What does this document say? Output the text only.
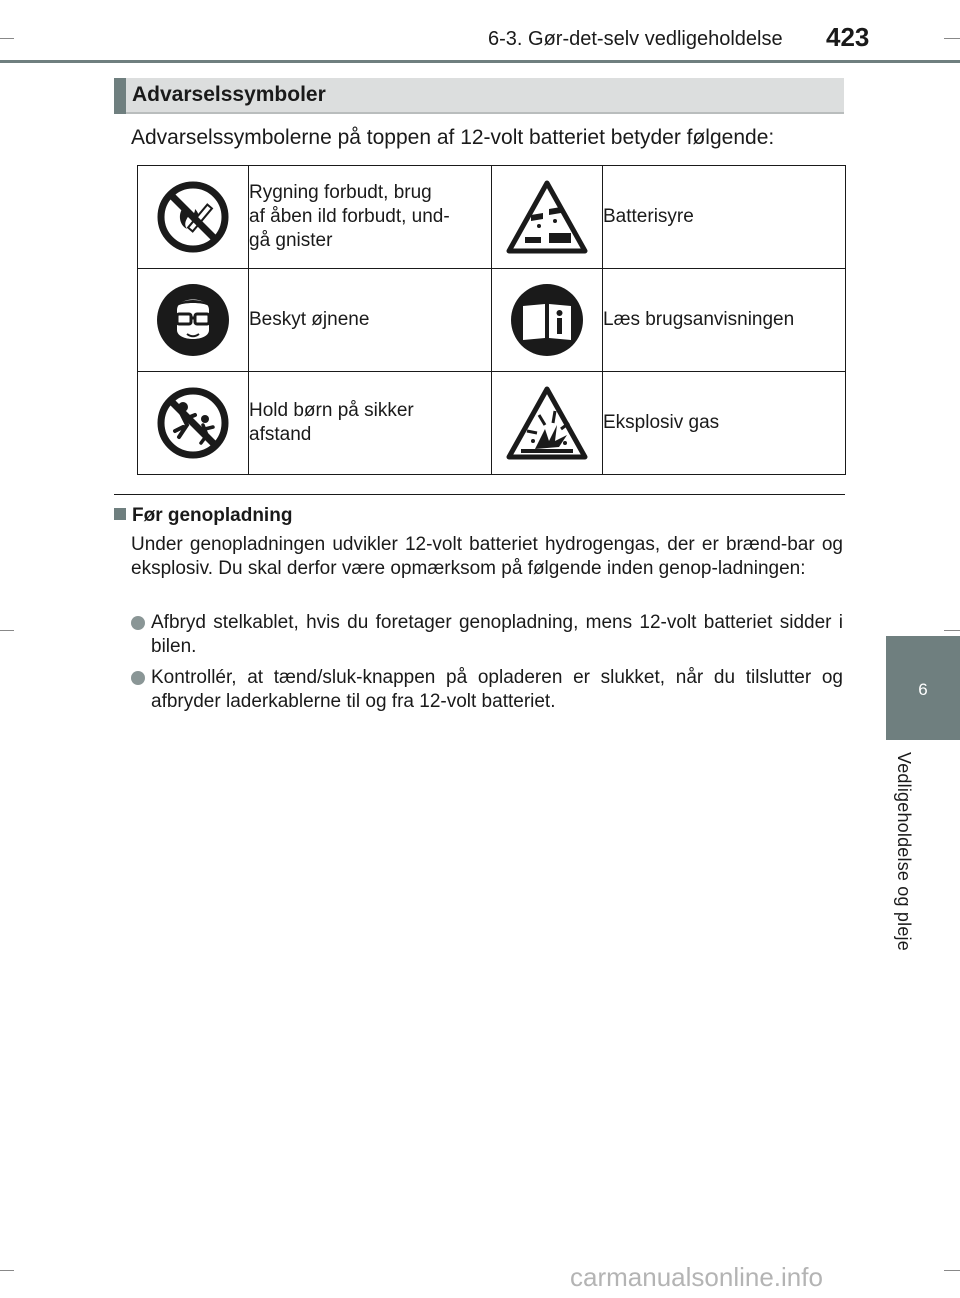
6-3. Gør-det-selv vedligeholdelse 423
6
Vedligeholdelse og pleje
Advarselssymboler
Advarselssymbolerne på toppen af 12-volt batteriet betyder følgende:
	Rygning forbudt, brug
af åben ild forbudt, und-
gå gnister		Batterisyre
	Beskyt øjnene		Læs brugsanvisningen
	Hold børn på sikker
afstand		Eksplosiv gas
Før genopladning
Under genopladningen udvikler 12-volt batteriet hydrogengas, der er brænd-bar og eksplosiv. Du skal derfor være opmærksom på følgende inden genop-ladningen:
Afbryd stelkablet, hvis du foretager genopladning, mens 12-volt batteriet sidder i bilen.
Kontrollér, at tænd/sluk-knappen på opladeren er slukket, når du tilslutter og afbryder laderkablerne til og fra 12-volt batteriet.
carmanualsonline.info
